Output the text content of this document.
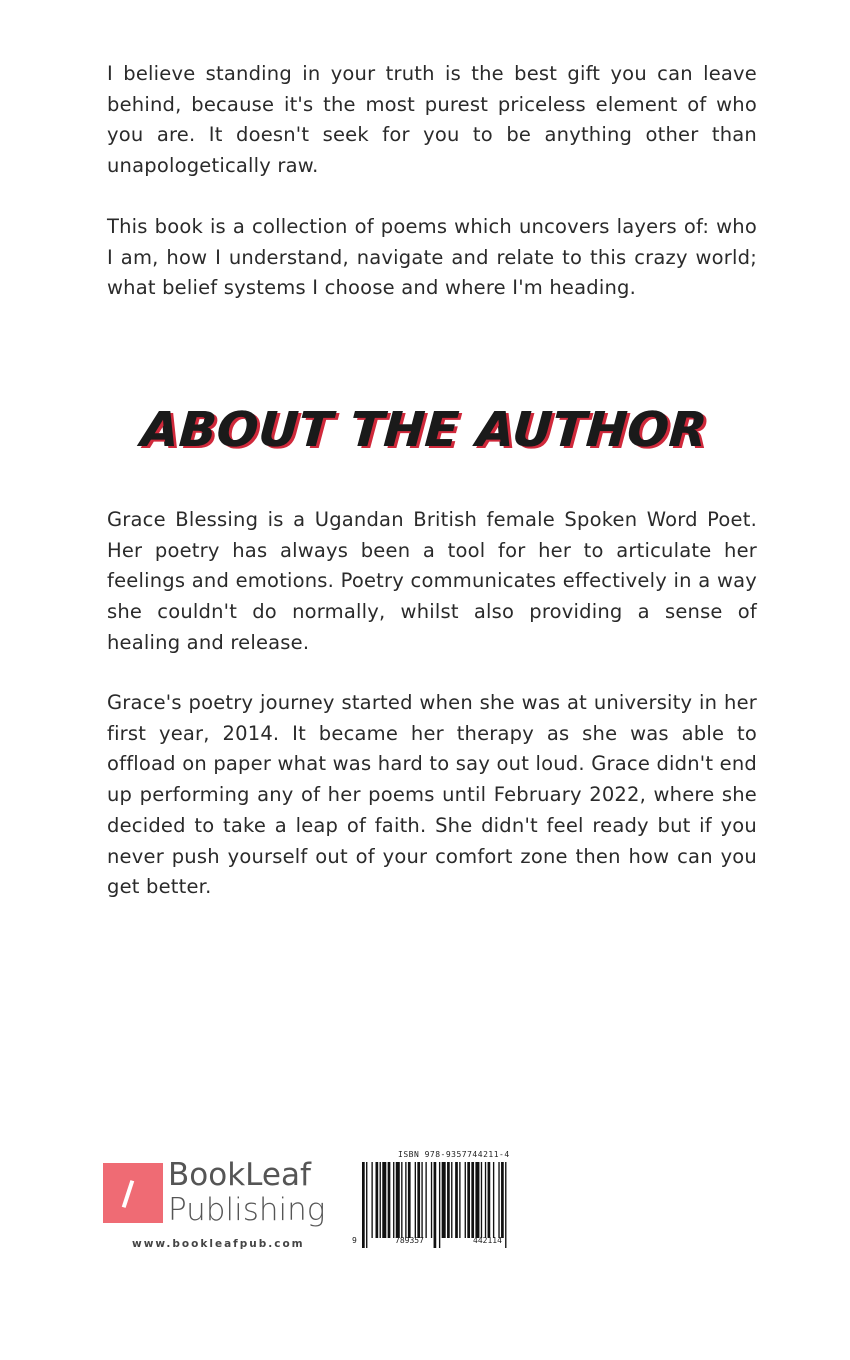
I believe standing in your truth is the best gift you can leave behind, because it's the most purest priceless element of who you are. It doesn't seek for you to be anything other than unapologetically raw.

This book is a collection of poems which uncovers layers of: who I am, how I understand, navigate and relate to this crazy world; what belief systems I choose and where I'm heading.

ABOUT THE AUTHOR

Grace Blessing is a Ugandan British female Spoken Word Poet. Her poetry has always been a tool for her to articulate her feelings and emotions. Poetry communicates effectively in a way she couldn't do normally, whilst also providing a sense of healing and release.

Grace's poetry journey started when she was at university in her first year, 2014. It became her therapy as she was able to offload on paper what was hard to say out loud. Grace didn't end up performing any of her poems until February 2022, where she decided to take a leap of faith. She didn't feel ready but if you never push yourself out of your comfort zone then how can you get better.

BookLeaf
Publishing
www.bookleafpub.com
ISBN 978-9357744211-4
9	789357	442114
